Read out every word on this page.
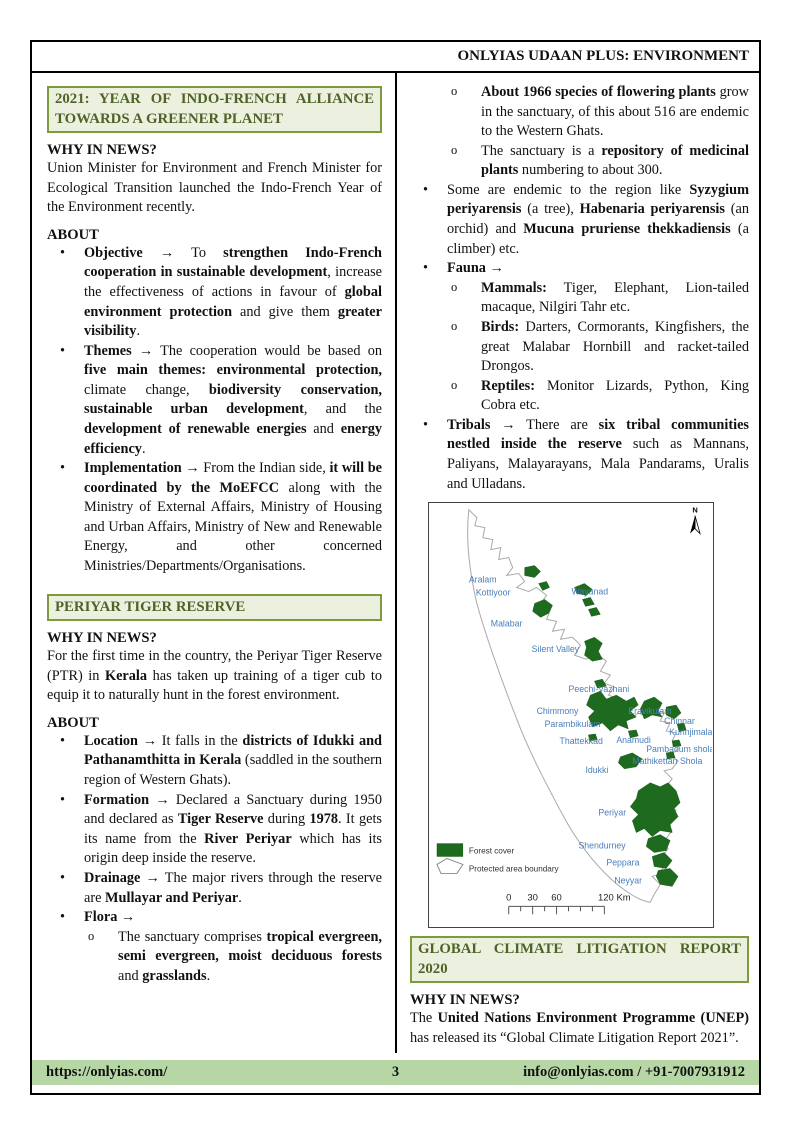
ONLYIAS UDAAN PLUS: ENVIRONMENT
2021: YEAR OF INDO-FRENCH ALLIANCE TOWARDS A GREENER PLANET
WHY IN NEWS?

Union Minister for Environment and French Minister for Ecological Transition launched the Indo-French Year of the Environment recently.

ABOUT
•	Objective → To strengthen Indo-French cooperation in sustainable development, increase the effectiveness of actions in favour of global environment protection and give them greater visibility.
•	Themes → The cooperation would be based on five main themes: environmental protection, climate change, biodiversity conservation, sustainable urban development, and the development of renewable energies and energy efficiency.
•	Implementation → From the Indian side, it will be coordinated by the MoEFCC along with the Ministry of External Affairs, Ministry of Housing and Urban Affairs, Ministry of New and Renewable Energy, and other concerned Ministries/Departments/Organisations.
PERIYAR TIGER RESERVE
WHY IN NEWS?

For the first time in the country, the Periyar Tiger Reserve (PTR) in Kerala has taken up training of a tiger cub to equip it to naturally hunt in the forest environment.

ABOUT
•	Location → It falls in the districts of Idukki and Pathanamthitta in Kerala (saddled in the southern region of Western Ghats).
•	Formation → Declared a Sanctuary during 1950 and declared as Tiger Reserve during 1978. It gets its name from the River Periyar which has its origin deep inside the reserve.
•	Drainage → The major rivers through the reserve are Mullayar and Periyar.
•	Flora →
o	The sanctuary comprises tropical evergreen, semi evergreen, moist deciduous forests and grasslands.
o	About 1966 species of flowering plants grow in the sanctuary, of this about 516 are endemic to the Western Ghats.
o	The sanctuary is a repository of medicinal plants numbering to about 300.
•	Some are endemic to the region like Syzygium periyarensis (a tree), Habenaria periyarensis (an orchid) and Mucuna pruriense thekkadiensis (a climber) etc.
•	Fauna →
o	Mammals: Tiger, Elephant, Lion-tailed macaque, Nilgiri Tahr etc.
o	Birds: Darters, Cormorants, Kingfishers, the great Malabar Hornbill and racket-tailed Drongos.
o	Reptiles: Monitor Lizards, Python, King Cobra etc.
•	Tribals → There are six tribal communities nestled inside the reserve such as Mannans, Paliyans, Malayarayans, Mala Pandarams, Uralis and Ulladans.
N
Aralam
Kottiyoor	Wayanad
Malabar
Silent Valley
Peechi-Vazhani
Chimmony
Parambikulam
Eravikulam
Chinnar
Kurinjimala
Thattekkad Anamudi
Pambadum shola
Mathikettan Shola
Idukki
Periyar
Shendurney
Peppara
Neyyar
Forest cover
Protected area boundary
0 30 60	120 Km
GLOBAL CLIMATE LITIGATION REPORT 2020
WHY IN NEWS?

The United Nations Environment Programme (UNEP) has released its “Global Climate Litigation Report 2021”.

https://onlyias.com/	3	info@onlyias.com / +91-7007931912
